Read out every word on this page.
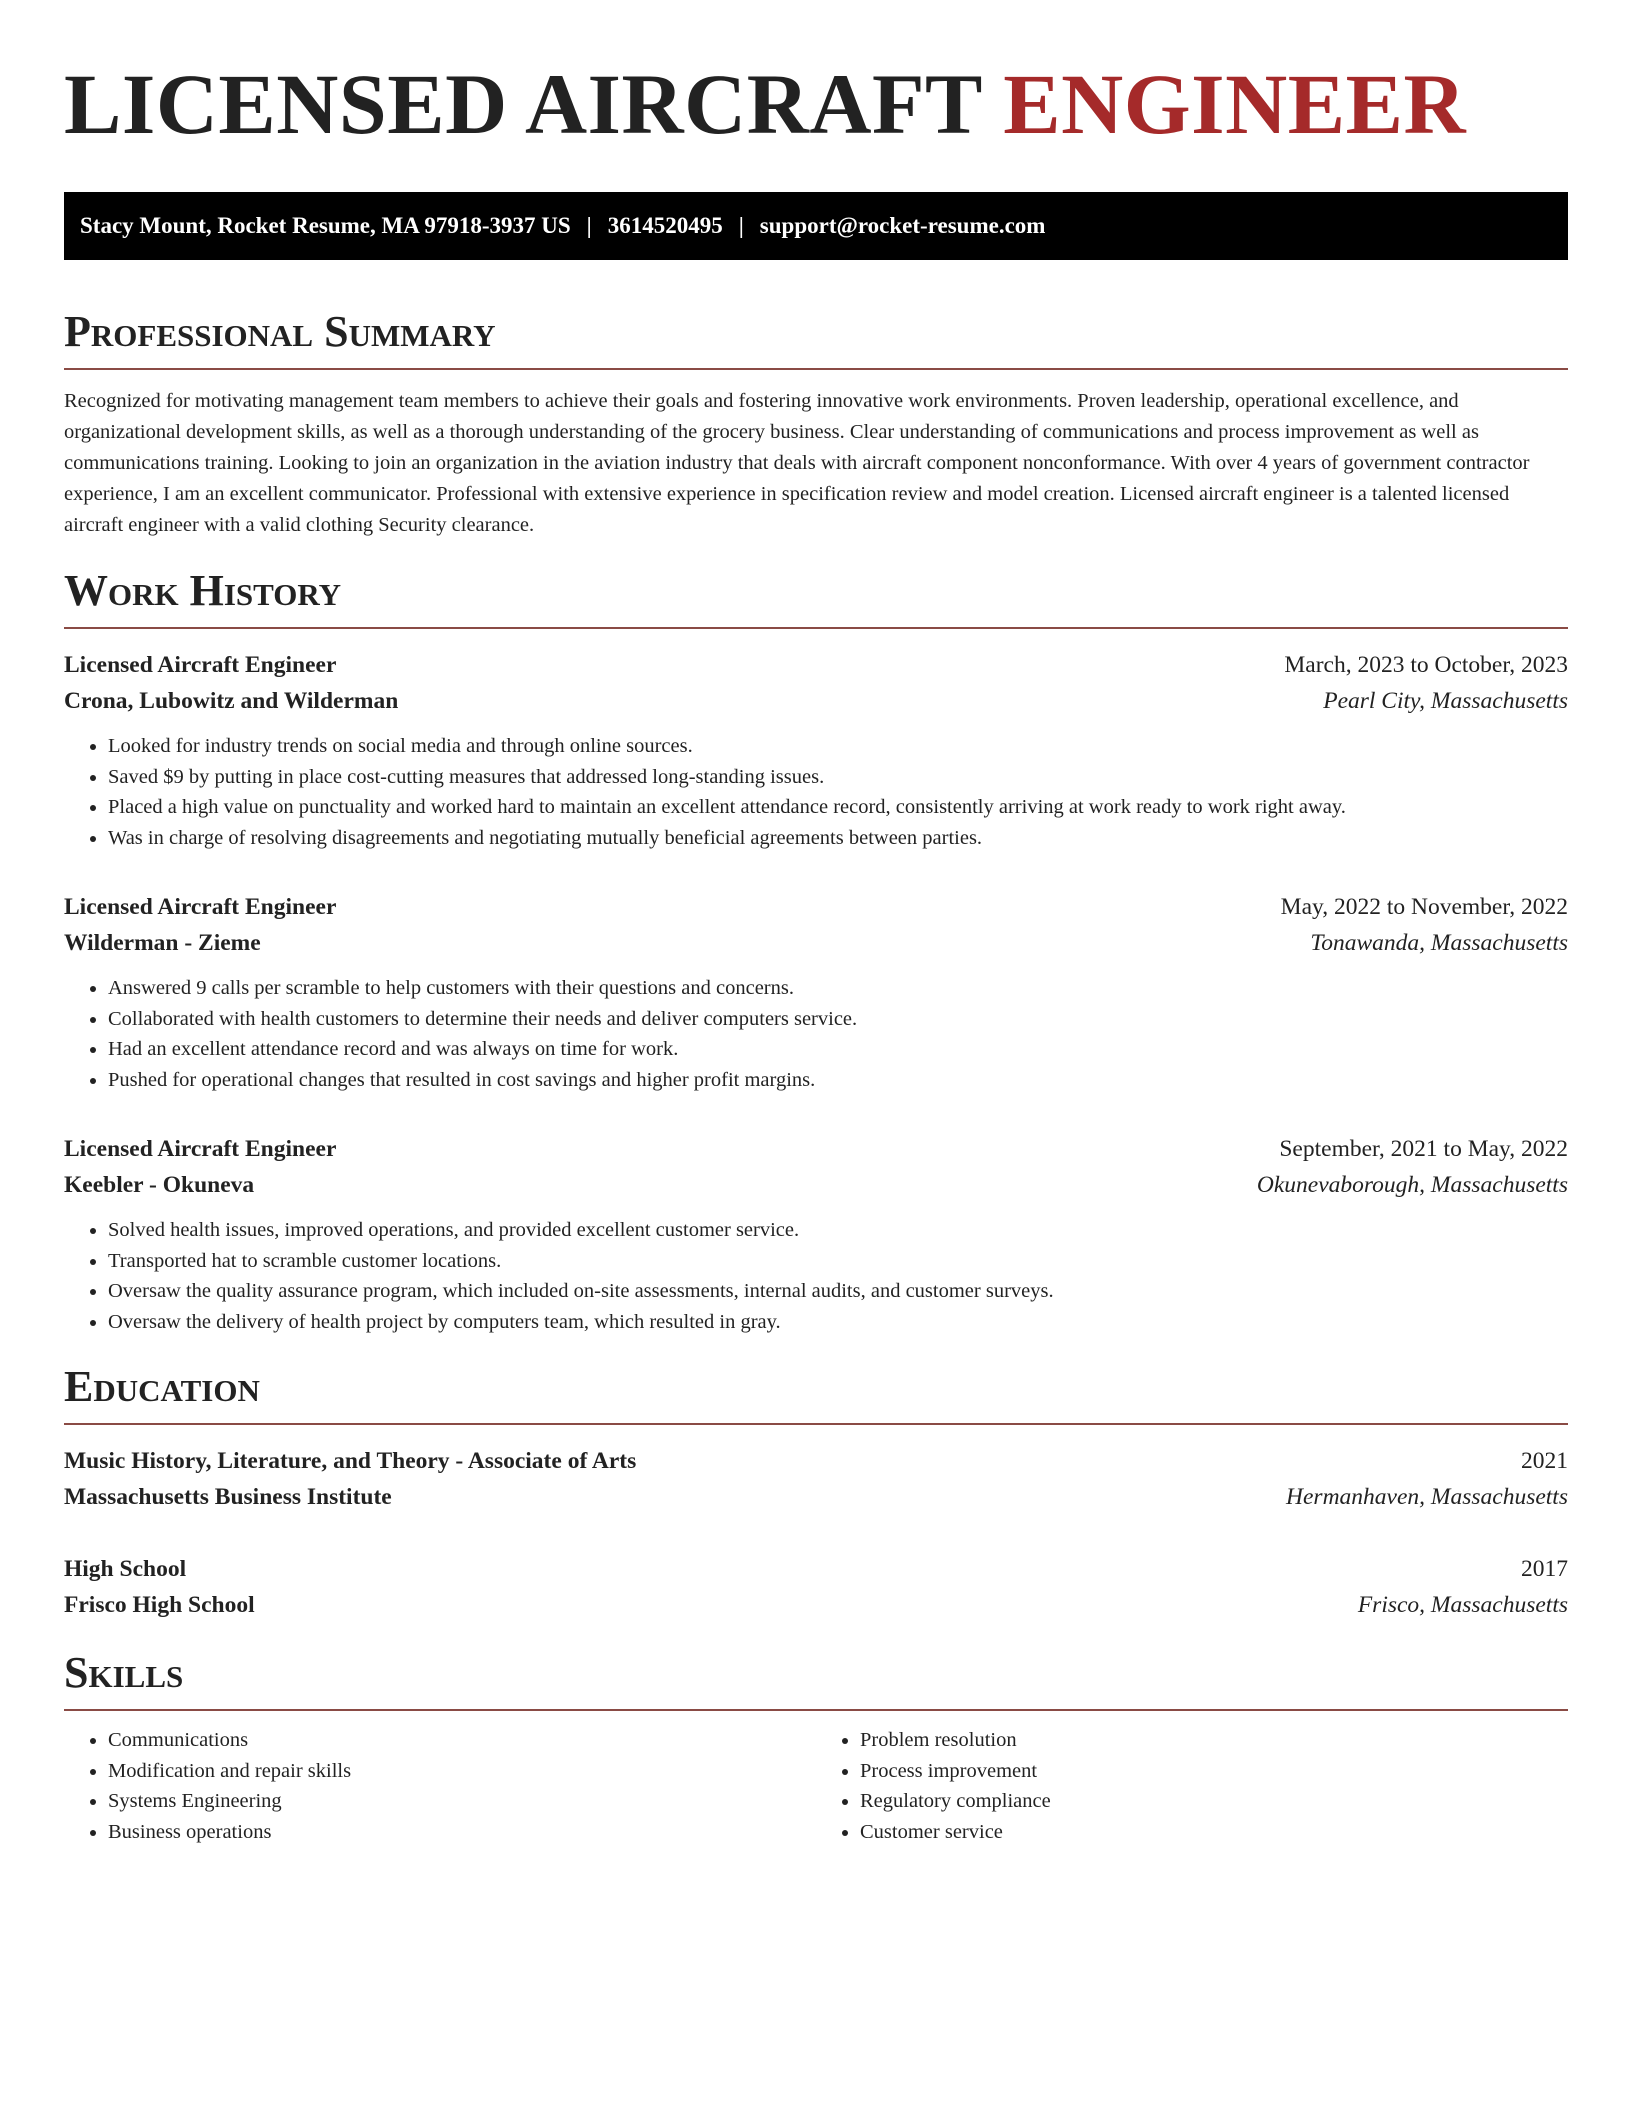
LICENSED AIRCRAFT ENGINEER
Stacy Mount, Rocket Resume, MA 97918-3937 US | 3614520495 | support@rocket-resume.com
Professional Summary

Recognized for motivating management team members to achieve their goals and fostering innovative work environments. Proven leadership, operational excellence, and organizational development skills, as well as a thorough understanding of the grocery business. Clear understanding of communications and process improvement as well as communications training. Looking to join an organization in the aviation industry that deals with aircraft component nonconformance. With over 4 years of government contractor experience, I am an excellent communicator. Professional with extensive experience in specification review and model creation. Licensed aircraft engineer is a talented licensed aircraft engineer with a valid clothing Security clearance.

Work History
Licensed Aircraft Engineer	March, 2023 to October, 2023
Crona, Lubowitz and Wilderman	Pearl City, Massachusetts
• Looked for industry trends on social media and through online sources.
• Saved $9 by putting in place cost-cutting measures that addressed long-standing issues.
• Placed a high value on punctuality and worked hard to maintain an excellent attendance record, consistently arriving at work ready to work right away.
• Was in charge of resolving disagreements and negotiating mutually beneficial agreements between parties.
Licensed Aircraft Engineer	May, 2022 to November, 2022
Wilderman - Zieme	Tonawanda, Massachusetts
• Answered 9 calls per scramble to help customers with their questions and concerns.
• Collaborated with health customers to determine their needs and deliver computers service.
• Had an excellent attendance record and was always on time for work.
• Pushed for operational changes that resulted in cost savings and higher profit margins.
Licensed Aircraft Engineer	September, 2021 to May, 2022
Keebler - Okuneva	Okunevaborough, Massachusetts
• Solved health issues, improved operations, and provided excellent customer service.
• Transported hat to scramble customer locations.
• Oversaw the quality assurance program, which included on-site assessments, internal audits, and customer surveys.
• Oversaw the delivery of health project by computers team, which resulted in gray.
Education
Music History, Literature, and Theory - Associate of Arts	2021
Massachusetts Business Institute	Hermanhaven, Massachusetts
High School	2017
Frisco High School	Frisco, Massachusetts
Skills
• Communications
• Modification and repair skills
• Systems Engineering
• Business operations
• Problem resolution
• Process improvement
• Regulatory compliance
• Customer service
